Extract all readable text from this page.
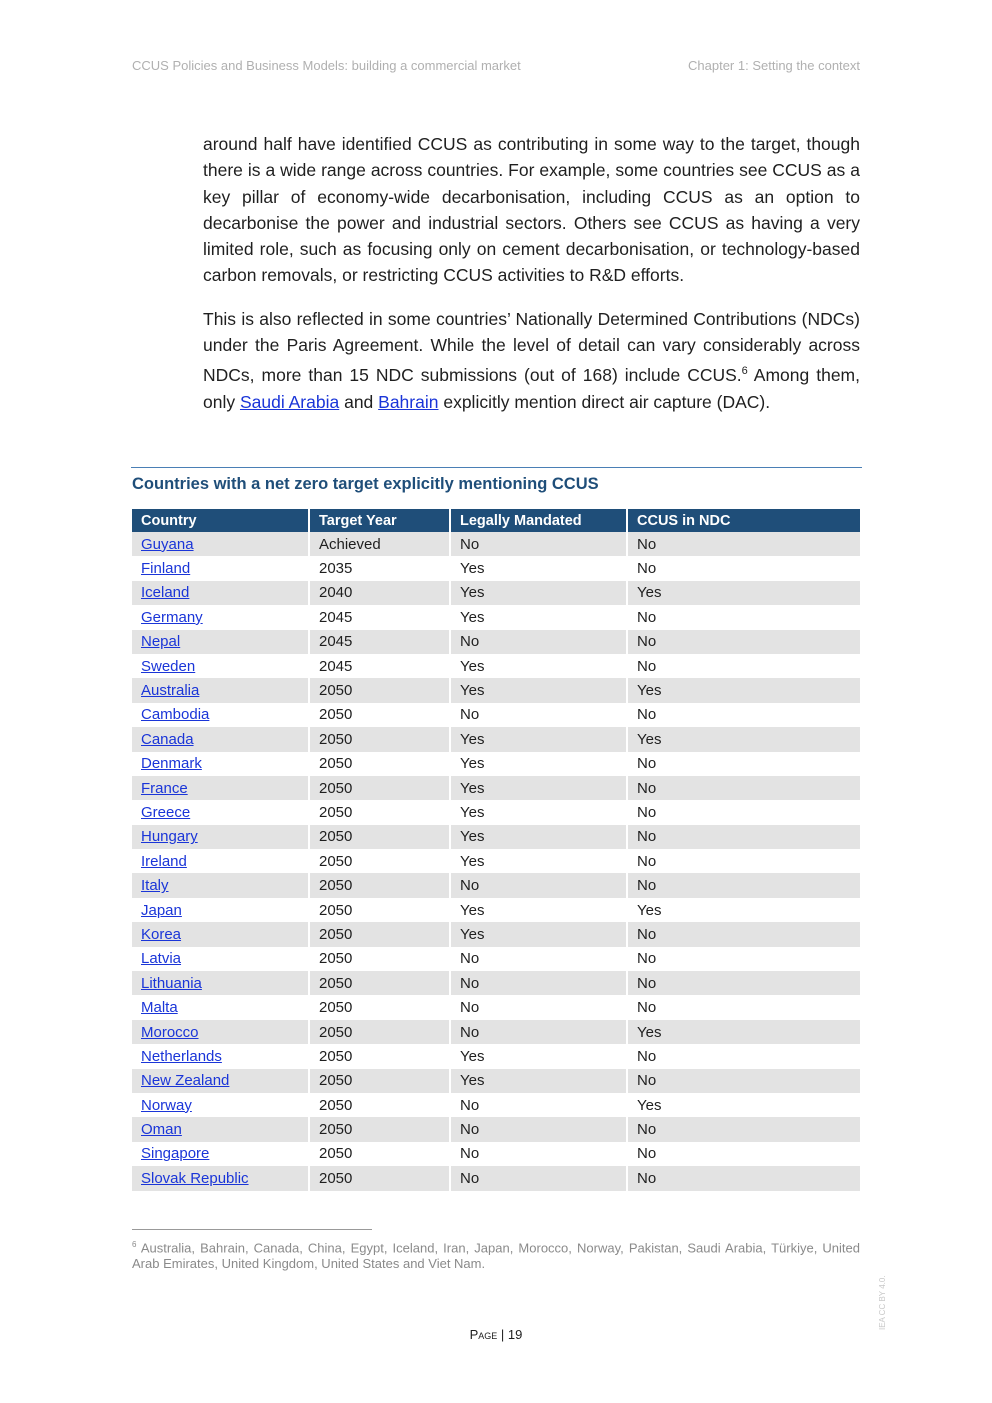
CCUS Policies and Business Models: building a commercial market	Chapter 1: Setting the context

around half have identified CCUS as contributing in some way to the target, though there is a wide range across countries. For example, some countries see CCUS as a key pillar of economy-wide decarbonisation, including CCUS as an option to decarbonise the power and industrial sectors. Others see CCUS as having a very limited role, such as focusing only on cement decarbonisation, or technology-based carbon removals, or restricting CCUS activities to R&D efforts.

This is also reflected in some countries’ Nationally Determined Contributions (NDCs) under the Paris Agreement. While the level of detail can vary considerably across NDCs, more than 15 NDC submissions (out of 168) include CCUS.$^6$ Among them, only Saudi Arabia and Bahrain explicitly mention direct air capture (DAC).

Countries with a net zero target explicitly mentioning CCUS
Country	Target Year	Legally Mandated	CCUS in NDC
Guyana	Achieved	No	No
Finland	2035	Yes	No
Iceland	2040	Yes	Yes
Germany	2045	Yes	No
Nepal	2045	No	No
Sweden	2045	Yes	No
Australia	2050	Yes	Yes
Cambodia	2050	No	No
Canada	2050	Yes	Yes
Denmark	2050	Yes	No
France	2050	Yes	No
Greece	2050	Yes	No
Hungary	2050	Yes	No
Ireland	2050	Yes	No
Italy	2050	No	No
Japan	2050	Yes	Yes
Korea	2050	Yes	No
Latvia	2050	No	No
Lithuania	2050	No	No
Malta	2050	No	No
Morocco	2050	No	Yes
Netherlands	2050	Yes	No
New Zealand	2050	Yes	No
Norway	2050	No	Yes
Oman	2050	No	No
Singapore	2050	No	No
Slovak Republic	2050	No	No
$^6$ Australia, Bahrain, Canada, China, Egypt, Iceland, Iran, Japan, Morocco, Norway, Pakistan, Saudi Arabia, Türkiye, United Arab Emirates, United Kingdom, United States and Viet Nam.
Page | 19
IEA CC BY 4.0.
